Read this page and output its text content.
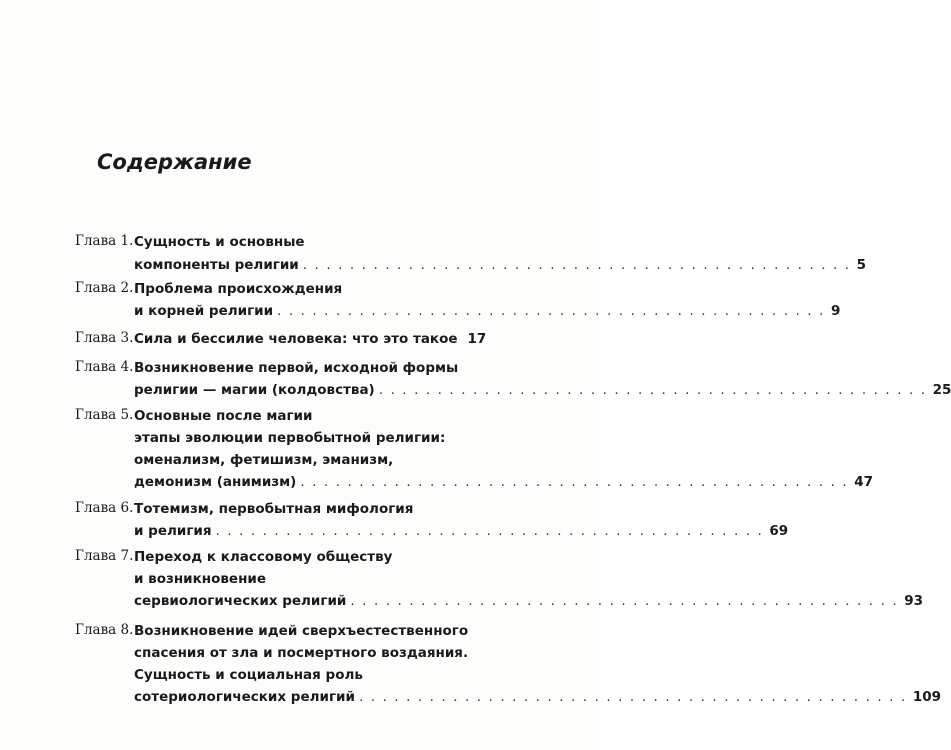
Содержание
Глава 1. Сущность и основные
компоненты религии . . . . . . . . . . . . . . . . . . . . . . . . . . . . . . . . . . . . . . . . . . . . . . . 5
Глава 2. Проблема происхождения
и корней религии . . . . . . . . . . . . . . . . . . . . . . . . . . . . . . . . . . . . . . . . . . . . . . . 9
Глава 3. Сила и бессилие человека: что это такое 17
Глава 4. Возникновение первой, исходной формы
религии — магии (колдовства) . . . . . . . . . . . . . . . . . . . . . . . . . . . . . . . . . . . . . . . . . . . . . . . 25
Глава 5. Основные после магии
этапы эволюции первобытной религии:
оменализм, фетишизм, эманизм,
демонизм (анимизм) . . . . . . . . . . . . . . . . . . . . . . . . . . . . . . . . . . . . . . . . . . . . . . . 47
Глава 6. Тотемизм, первобытная мифология
и религия . . . . . . . . . . . . . . . . . . . . . . . . . . . . . . . . . . . . . . . . . . . . . . . 69
Глава 7. Переход к классовому обществу
и возникновение
сервиологических религий . . . . . . . . . . . . . . . . . . . . . . . . . . . . . . . . . . . . . . . . . . . . . . . 93
Глава 8. Возникновение идей сверхъестественного
спасения от зла и посмертного воздаяния.
Сущность и социальная роль
сотериологических религий . . . . . . . . . . . . . . . . . . . . . . . . . . . . . . . . . . . . . . . . . . . . . . . 109
